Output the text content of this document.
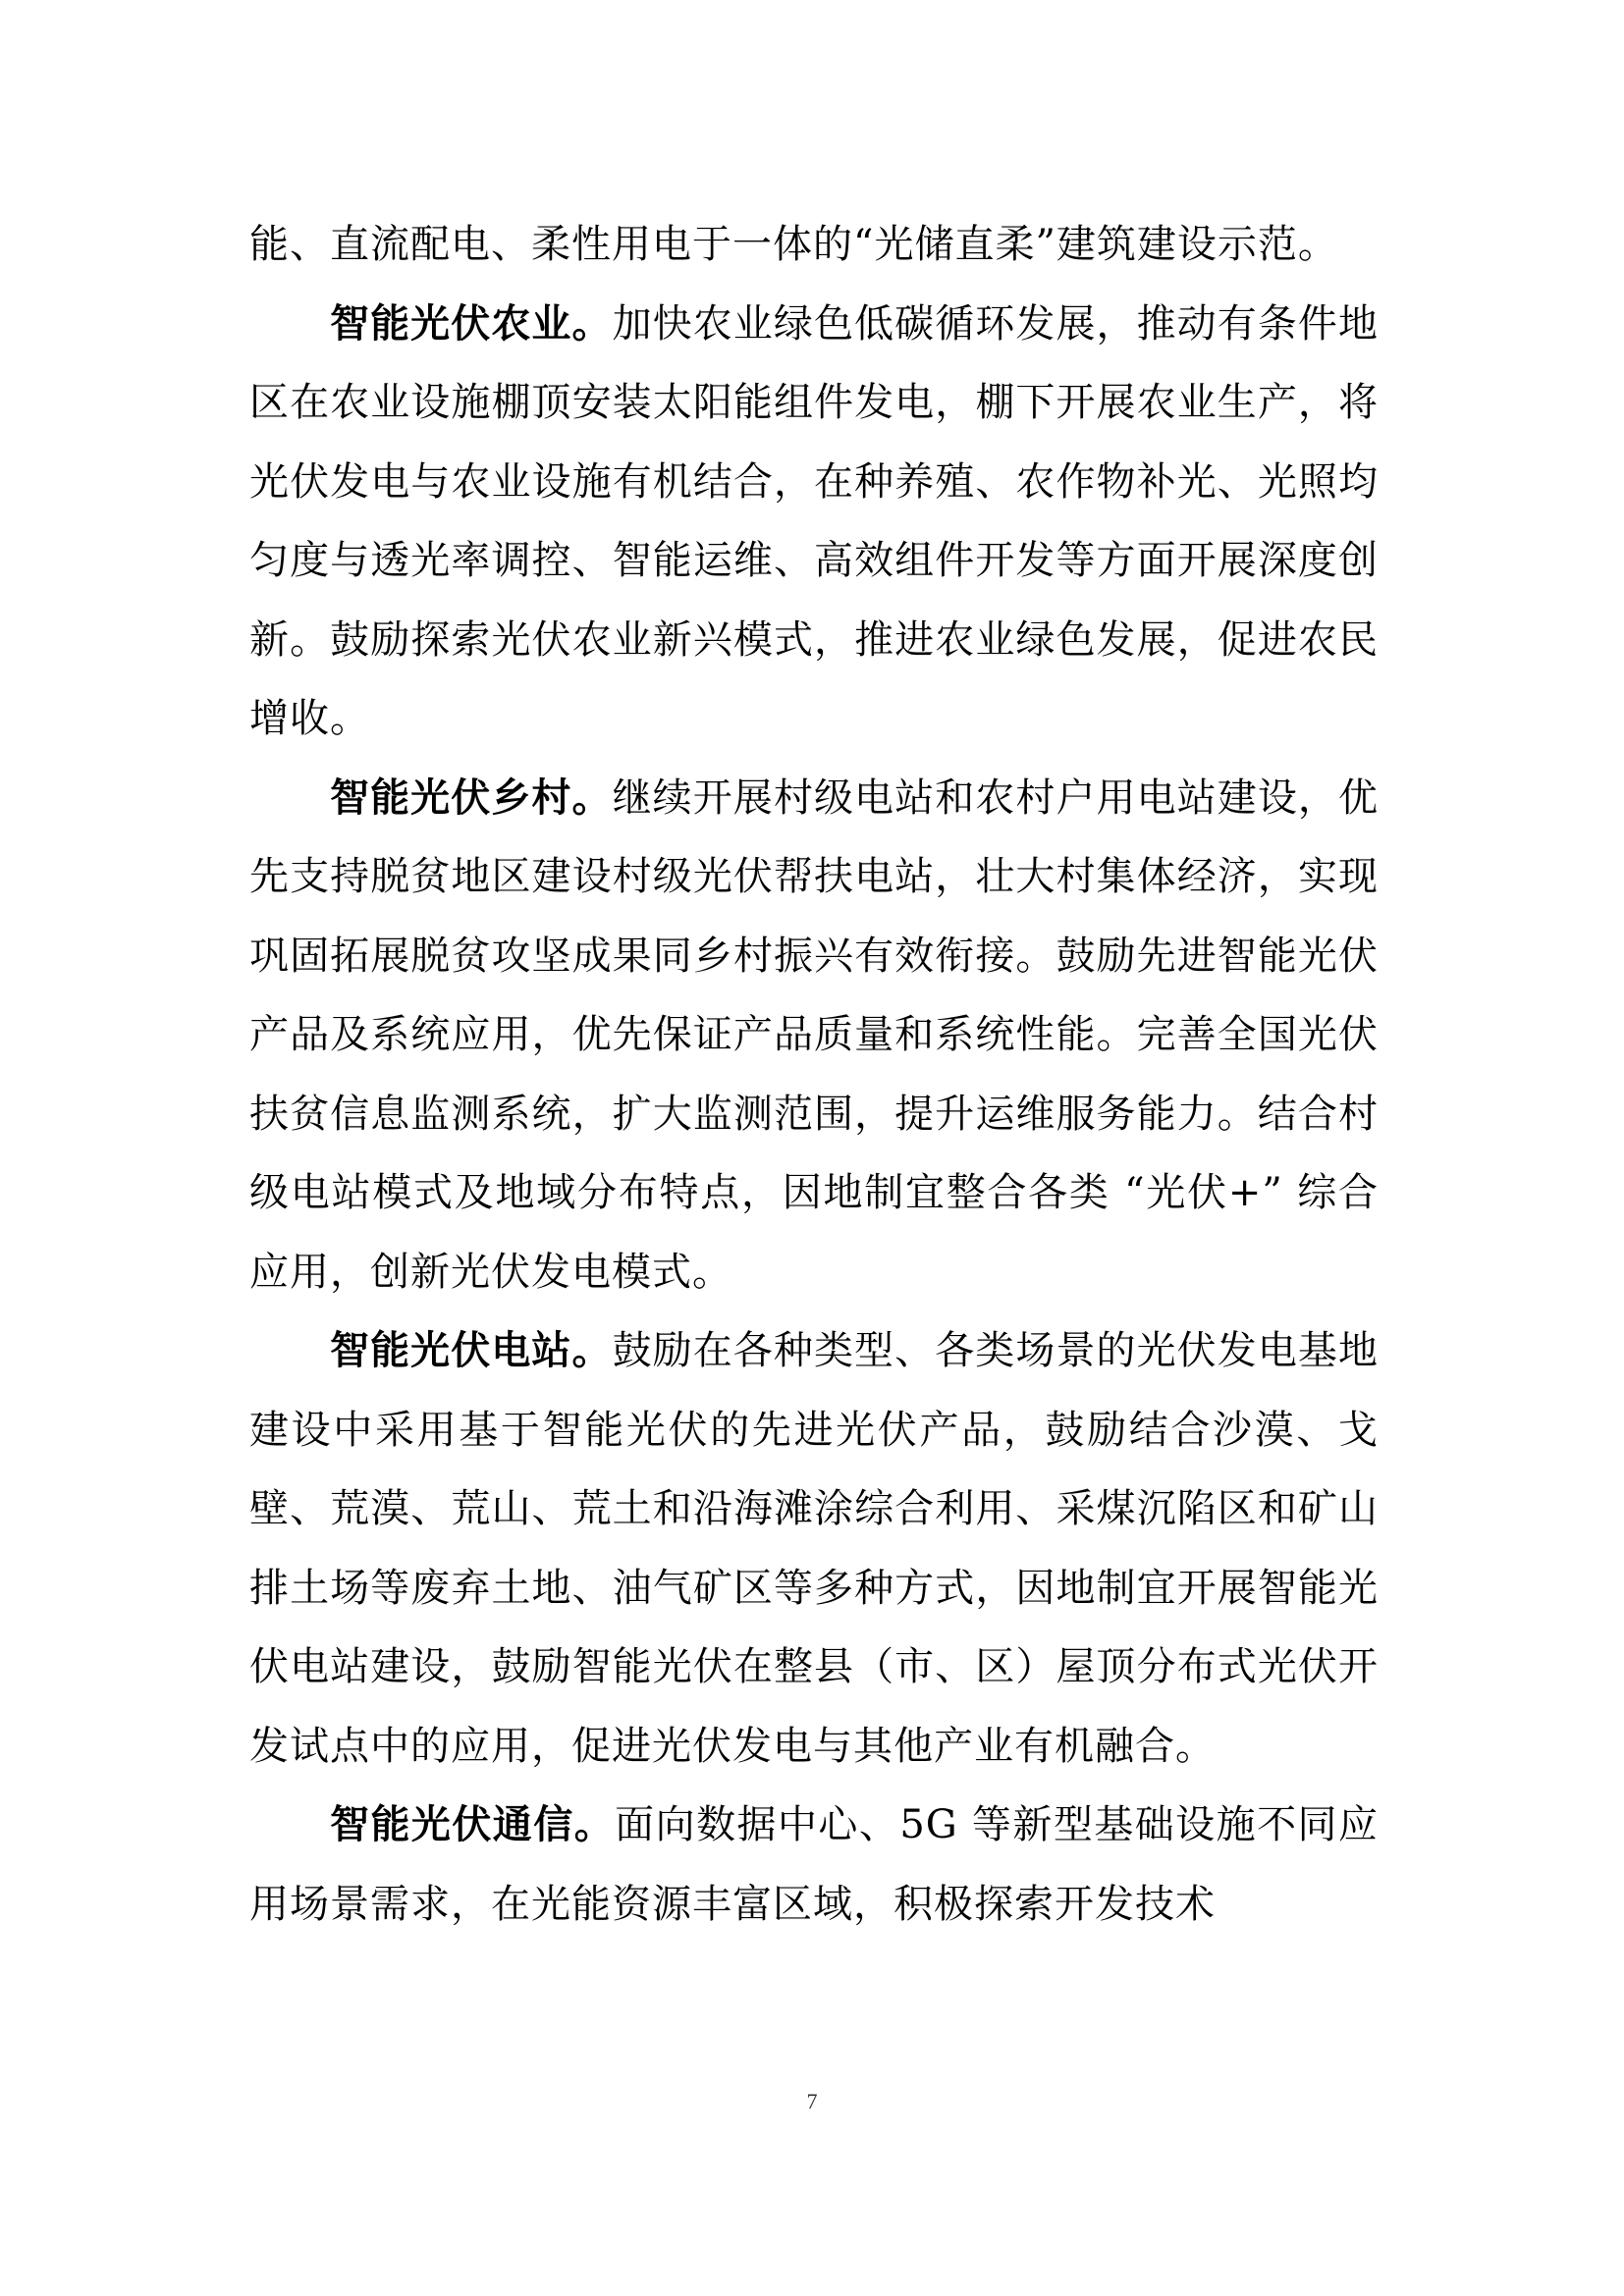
能、直流配电、柔性用电于一体的“光储直柔”建筑建设示范。

智能光伏农业。加快农业绿色低碳循环发展，推动有条件地区在农业设施棚顶安装太阳能组件发电，棚下开展农业生产，将光伏发电与农业设施有机结合，在种养殖、农作物补光、光照均匀度与透光率调控、智能运维、高效组件开发等方面开展深度创新。鼓励探索光伏农业新兴模式，推进农业绿色发展，促进农民增收。

智能光伏乡村。继续开展村级电站和农村户用电站建设，优先支持脱贫地区建设村级光伏帮扶电站，壮大村集体经济，实现巩固拓展脱贫攻坚成果同乡村振兴有效衔接。鼓励先进智能光伏产品及系统应用，优先保证产品质量和系统性能。完善全国光伏扶贫信息监测系统，扩大监测范围，提升运维服务能力。结合村级电站模式及地域分布特点，因地制宜整合各类 “光伏+” 综合应用，创新光伏发电模式。

智能光伏电站。鼓励在各种类型、各类场景的光伏发电基地建设中采用基于智能光伏的先进光伏产品，鼓励结合沙漠、戈壁、荒漠、荒山、荒土和沿海滩涂综合利用、采煤沉陷区和矿山排土场等废弃土地、油气矿区等多种方式，因地制宜开展智能光伏电站建设，鼓励智能光伏在整县（市、区）屋顶分布式光伏开发试点中的应用，促进光伏发电与其他产业有机融合。

智能光伏通信。面向数据中心、5G 等新型基础设施不同应用场景需求，在光能资源丰富区域，积极探索开发技术

7
